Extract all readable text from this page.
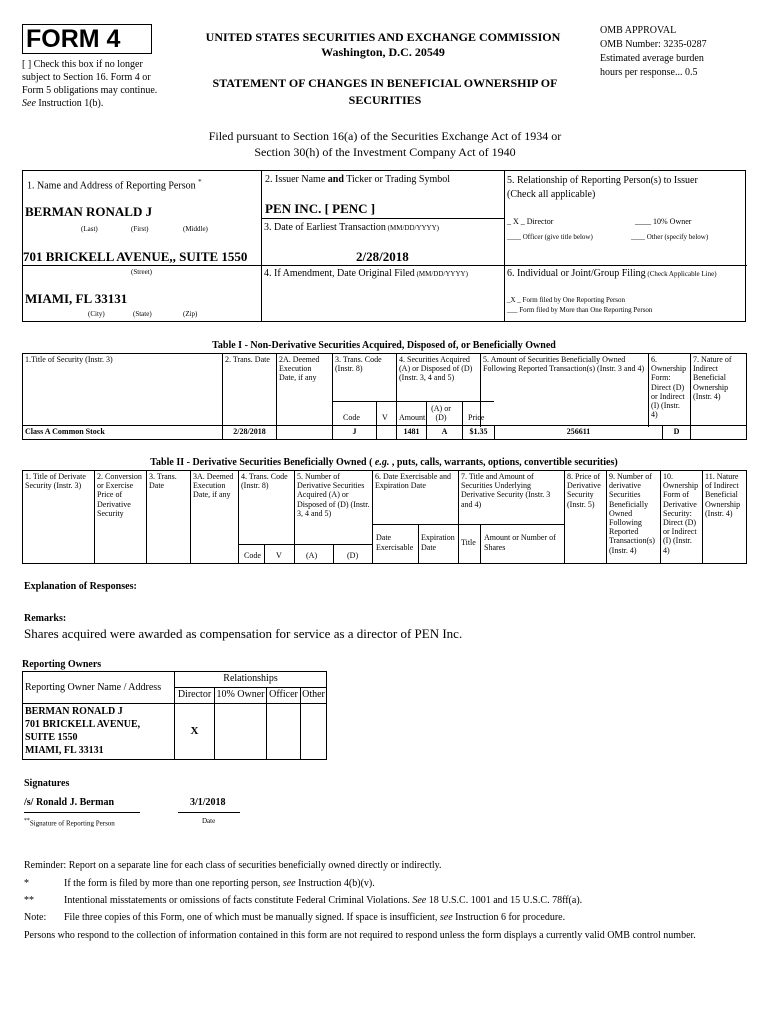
FORM 4
[ ] Check this box if no longer subject to Section 16. Form 4 or Form 5 obligations may continue. See Instruction 1(b).
UNITED STATES SECURITIES AND EXCHANGE COMMISSION
Washington, D.C. 20549
STATEMENT OF CHANGES IN BENEFICIAL OWNERSHIP OF SECURITIES
OMB APPROVAL
OMB Number: 3235-0287
Estimated average burden
hours per response... 0.5
Filed pursuant to Section 16(a) of the Securities Exchange Act of 1934 or
Section 30(h) of the Investment Company Act of 1940
1. Name and Address of Reporting Person *
BERMAN RONALD J
(Last)	(First)	(Middle)
701 BRICKELL AVENUE,, SUITE 1550
(Street)
MIAMI, FL 33131
(City)	(State)	(Zip)
2. Issuer Name and Ticker or Trading Symbol
PEN INC. [ PENC ]
3. Date of Earliest Transaction (MM/DD/YYYY)
2/28/2018
4. If Amendment, Date Original Filed (MM/DD/YYYY)
5. Relationship of Reporting Person(s) to Issuer
(Check all applicable)
_ X _ Director	____ 10% Owner
____ Officer (give title below)	____ Other (specify below)
6. Individual or Joint/Group Filing (Check Applicable Line)
_X _ Form filed by One Reporting Person
___ Form filed by More than One Reporting Person
Table I - Non-Derivative Securities Acquired, Disposed of, or Beneficially Owned
1.Title of Security (Instr. 3)	2. Trans. Date	2A. Deemed Execution Date, if any	3. Trans. Code (Instr. 8)	4. Securities Acquired (A) or Disposed of (D) (Instr. 3, 4 and 5)	5. Amount of Securities Beneficially Owned Following Reported Transaction(s) (Instr. 3 and 4)	6. Ownership Form: Direct (D) or Indirect (I) (Instr. 4)	7. Nature of Indirect Beneficial Ownership (Instr. 4)

Code	V Amount
(A) or (D)	Price
Class A Common Stock	2/28/2018		J		1481	A	$1.35	256611	D	
Table II - Derivative Securities Beneficially Owned ( e.g. , puts, calls, warrants, options, convertible securities)
1. Title of Derivate Security (Instr. 3)	2. Conversion or Exercise Price of Derivative Security	3. Trans. Date	3A. Deemed Execution Date, if any	4. Trans. Code (Instr. 8)	5. Number of Derivative Securities Acquired (A) or Disposed of (D) (Instr. 3, 4 and 5)	6. Date Exercisable and Expiration Date	7. Title and Amount of Securities Underlying Derivative Security (Instr. 3 and 4)	8. Price of Derivative Security (Instr. 5)	9. Number of derivative Securities Beneficially Owned Following Reported Transaction(s) (Instr. 4)	10. Ownership Form of Derivative Security: Direct (D) or Indirect (I) (Instr. 4)	11. Nature of Indirect Beneficial Ownership (Instr. 4)
Code V	(A)	(D)
Date Exercisable
Expiration Date
Title
Amount or Number of Shares
Explanation of Responses:
Remarks:
Shares acquired were awarded as compensation for service as a director of PEN Inc.
Reporting Owners
Reporting Owner Name / Address	Relationships			
	Director	10% Owner	Officer	Other

BERMAN RONALD J
701 BRICKELL AVENUE,
SUITE 1550
MIAMI, FL 33131	X			
Signatures
/s/ Ronald J. Berman	3/1/2018
**Signature of Reporting Person	Date
Reminder: Report on a separate line for each class of securities beneficially owned directly or indirectly.
*	If the form is filed by more than one reporting person, see Instruction 4(b)(v).
**	Intentional misstatements or omissions of facts constitute Federal Criminal Violations. See 18 U.S.C. 1001 and 15 U.S.C. 78ff(a).
Note: File three copies of this Form, one of which must be manually signed. If space is insufficient, see Instruction 6 for procedure.
Persons who respond to the collection of information contained in this form are not required to respond unless the form displays a currently valid OMB control number.
